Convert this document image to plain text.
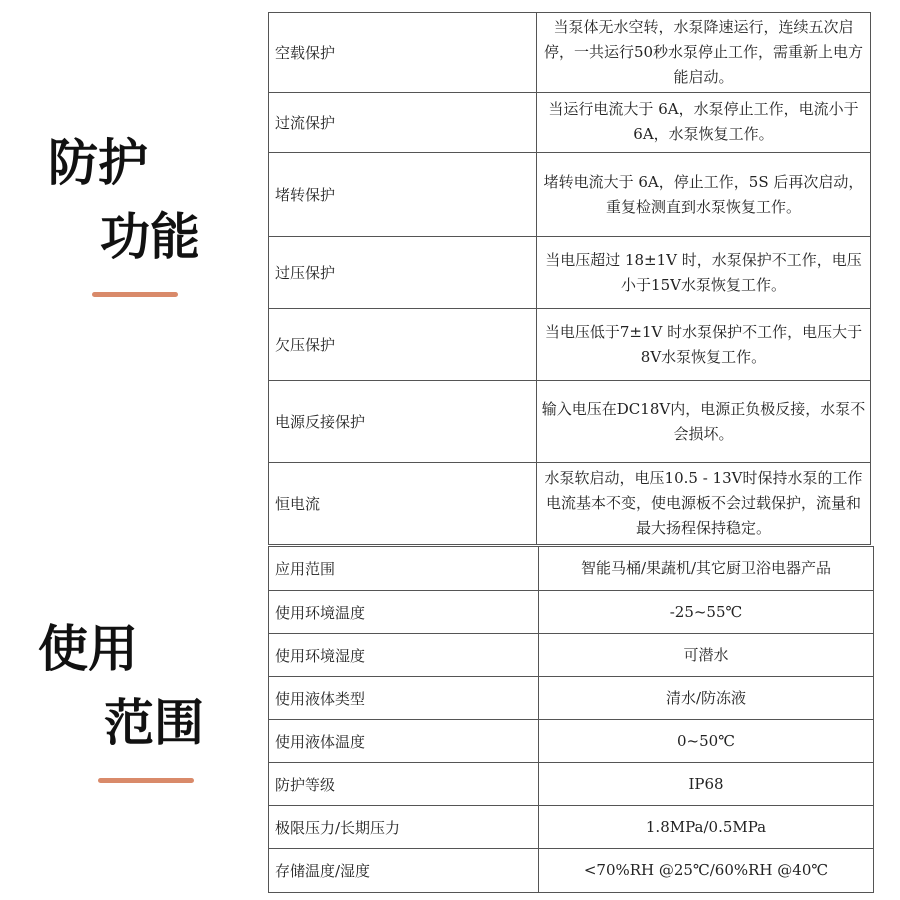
防护
功能
使用
范围
空载保护	当泵体无水空转，水泵降速运行，连续五次启停，一共运行50秒水泵停止工作，需重新上电方能启动。
过流保护	当运行电流大于 6A，水泵停止工作，电流小于 6A，水泵恢复工作。
堵转保护	堵转电流大于 6A，停止工作，5S 后再次启动， 重复检测直到水泵恢复工作。
过压保护	当电压超过 18±1V 时，水泵保护不工作，电压小于15V水泵恢复工作。
欠压保护	当电压低于7±1V 时水泵保护不工作，电压大于8V水泵恢复工作。
电源反接保护	输入电压在DC18V内，电源正负极反接，水泵不会损坏。
恒电流	水泵软启动，电压10.5 - 13V时保持水泵的工作电流基本不变，使电源板不会过载保护，流量和最大扬程保持稳定。
应用范围	智能马桶/果蔬机/其它厨卫浴电器产品
使用环境温度	-25~55℃
使用环境湿度	可潜水
使用液体类型	清水/防冻液
使用液体温度	0~50℃
防护等级	IP68
极限压力/长期压力	1.8MPa/0.5MPa
存储温度/湿度	<70%RH @25℃/60%RH @40℃
